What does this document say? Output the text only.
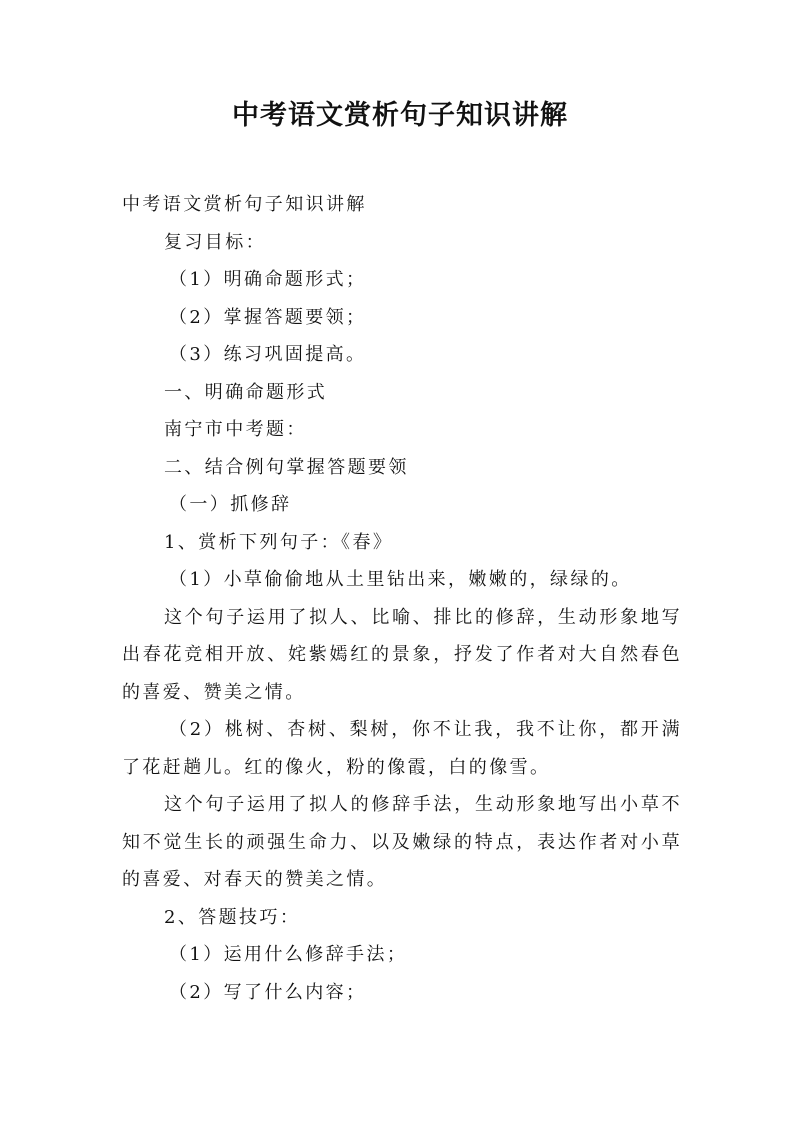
中考语文赏析句子知识讲解

中考语文赏析句子知识讲解

复习目标：

（1）明确命题形式；

（2）掌握答题要领；

（3）练习巩固提高。

一、明确命题形式

南宁市中考题：

二、结合例句掌握答题要领

（一）抓修辞

1、赏析下列句子：《春》

（1）小草偷偷地从土里钻出来，嫩嫩的，绿绿的。

这个句子运用了拟人、比喻、排比的修辞，生动形象地写出春花竞相开放、姹紫嫣红的景象，抒发了作者对大自然春色的喜爱、赞美之情。

（2）桃树、杏树、梨树，你不让我，我不让你，都开满了花赶趟儿。红的像火，粉的像霞，白的像雪。

这个句子运用了拟人的修辞手法，生动形象地写出小草不知不觉生长的顽强生命力、以及嫩绿的特点，表达作者对小草的喜爱、对春天的赞美之情。

2、答题技巧：

（1）运用什么修辞手法；

（2）写了什么内容；
